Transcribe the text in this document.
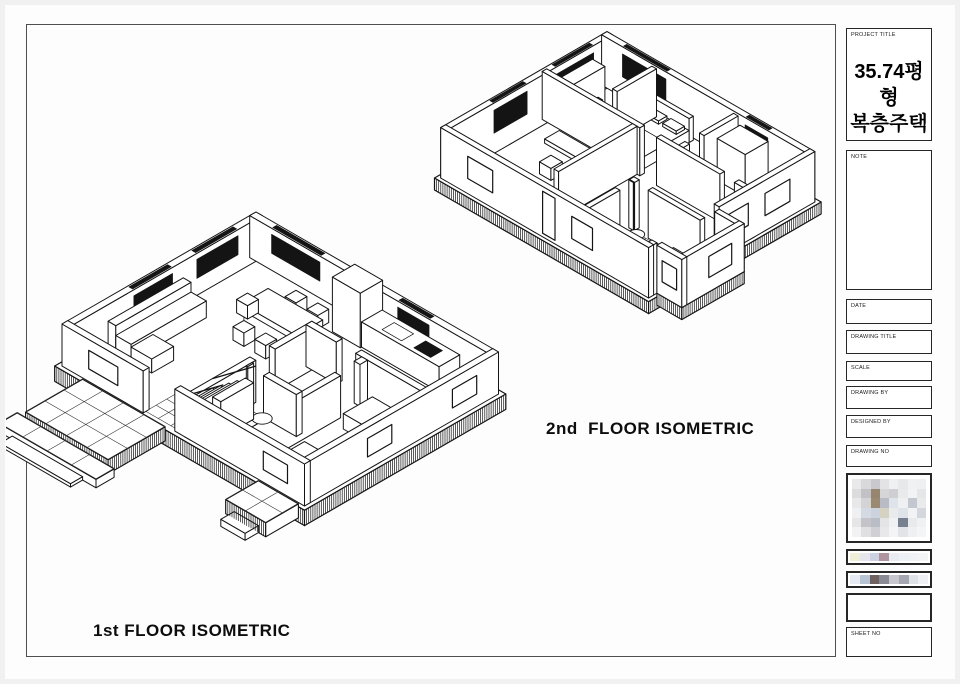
1st FLOOR ISOMETRIC
2nd  FLOOR ISOMETRIC
PROJECT TITLE
35.74평형
복층주택
NOTE
DATE
DRAWING TITLE
SCALE
DRAWING BY
DESIGNED BY
DRAWING NO
SHEET NO
